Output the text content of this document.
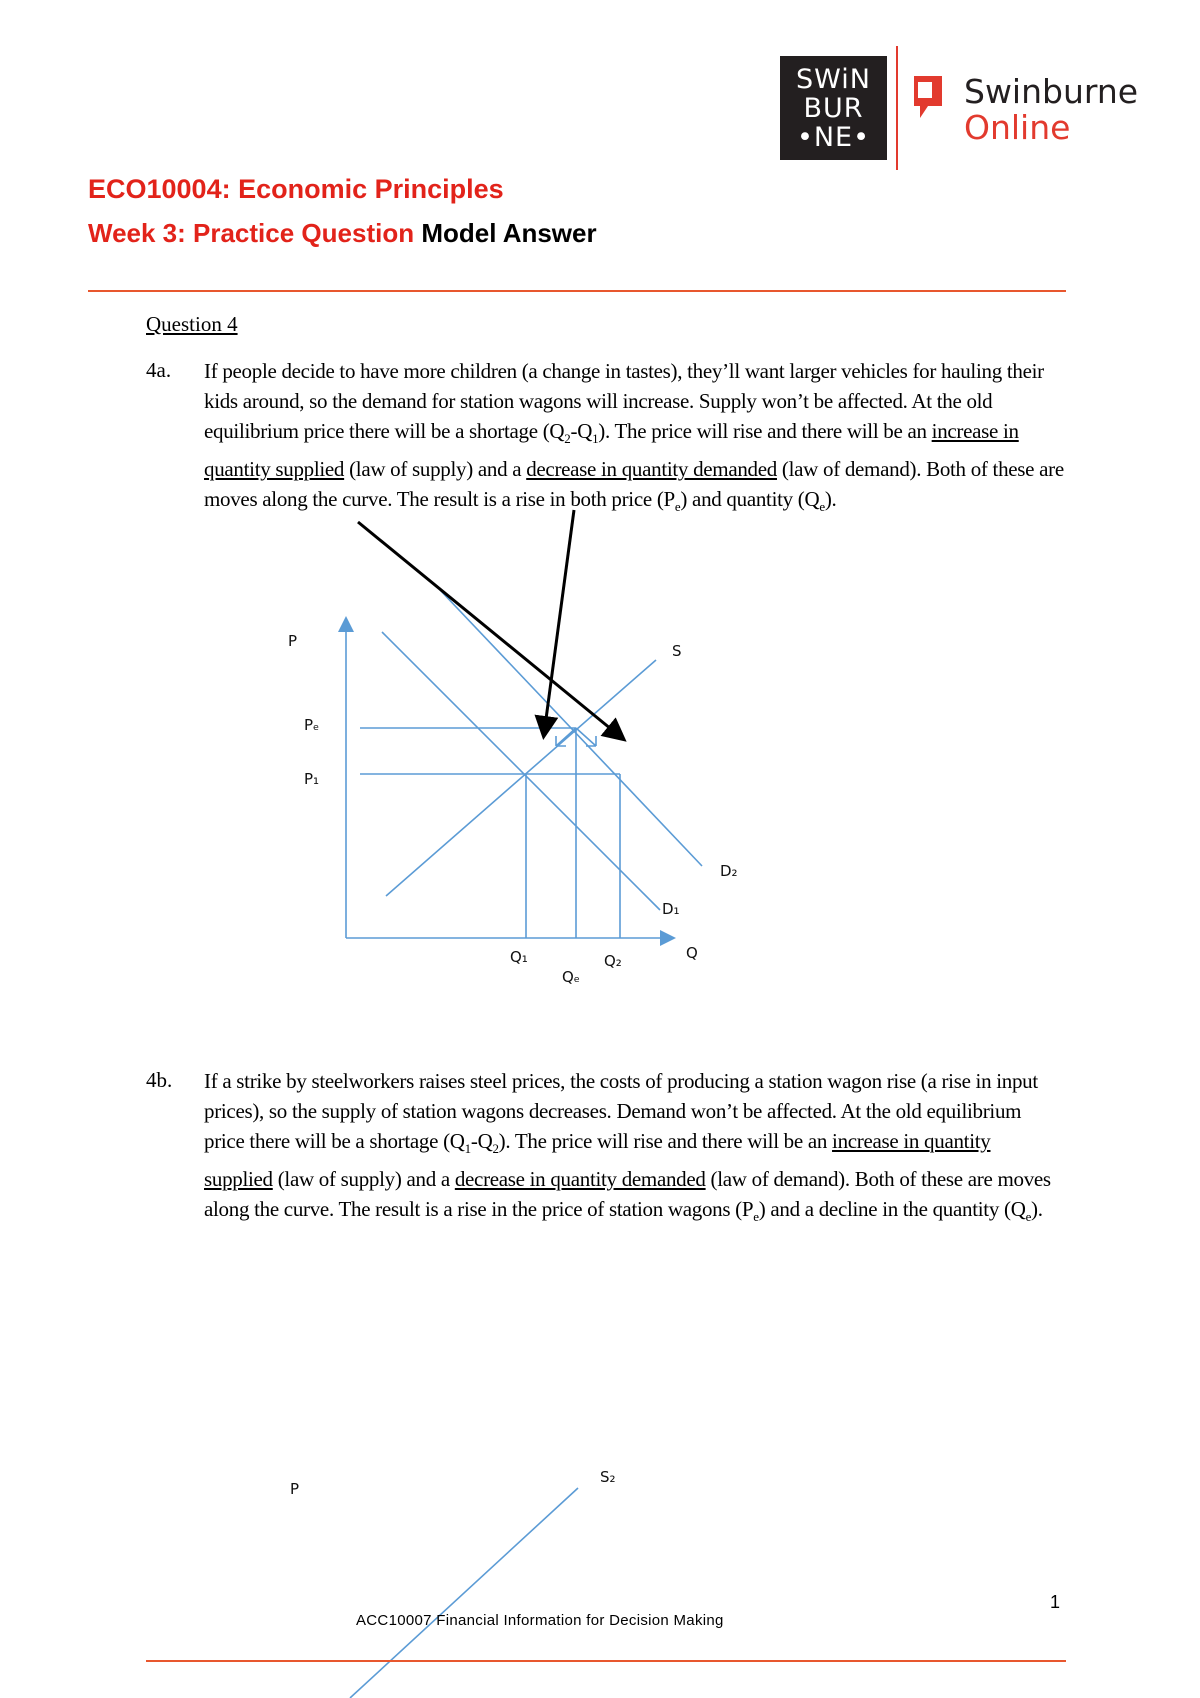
SWiN
BUR
•NE•
Swinburne
Online
ECO10004: Economic Principles
Week 3: Practice Question Model Answer
Question 4
4a. If people decide to have more children (a change in tastes), they’ll want larger vehicles for hauling their kids around, so the demand for station wagons will increase. Supply won’t be affected. At the old equilibrium price there will be a shortage $(Q_2-Q_1)$. The price will rise and there will be an increase in quantity supplied (law of supply) and a decrease in quantity demanded (law of demand). Both of these are moves along the curve. The result is a rise in both price $(P_e)$ and quantity $(Q_e)$.
P
S
Pₑ
P₁
D₂
D₁
Q
Q₁	Q₂
Qₑ
P
S₂
4b. If a strike by steelworkers raises steel prices, the costs of producing a station wagon rise (a rise in input prices), so the supply of station wagons decreases. Demand won’t be affected. At the old equilibrium price there will be a shortage $(Q_1-Q_2)$. The price will rise and there will be an increase in quantity supplied (law of supply) and a decrease in quantity demanded (law of demand). Both of these are moves along the curve. The result is a rise in the price of station wagons $(P_e)$ and a decline in the quantity $(Q_e)$.
1
ACC10007 Financial Information for Decision Making
